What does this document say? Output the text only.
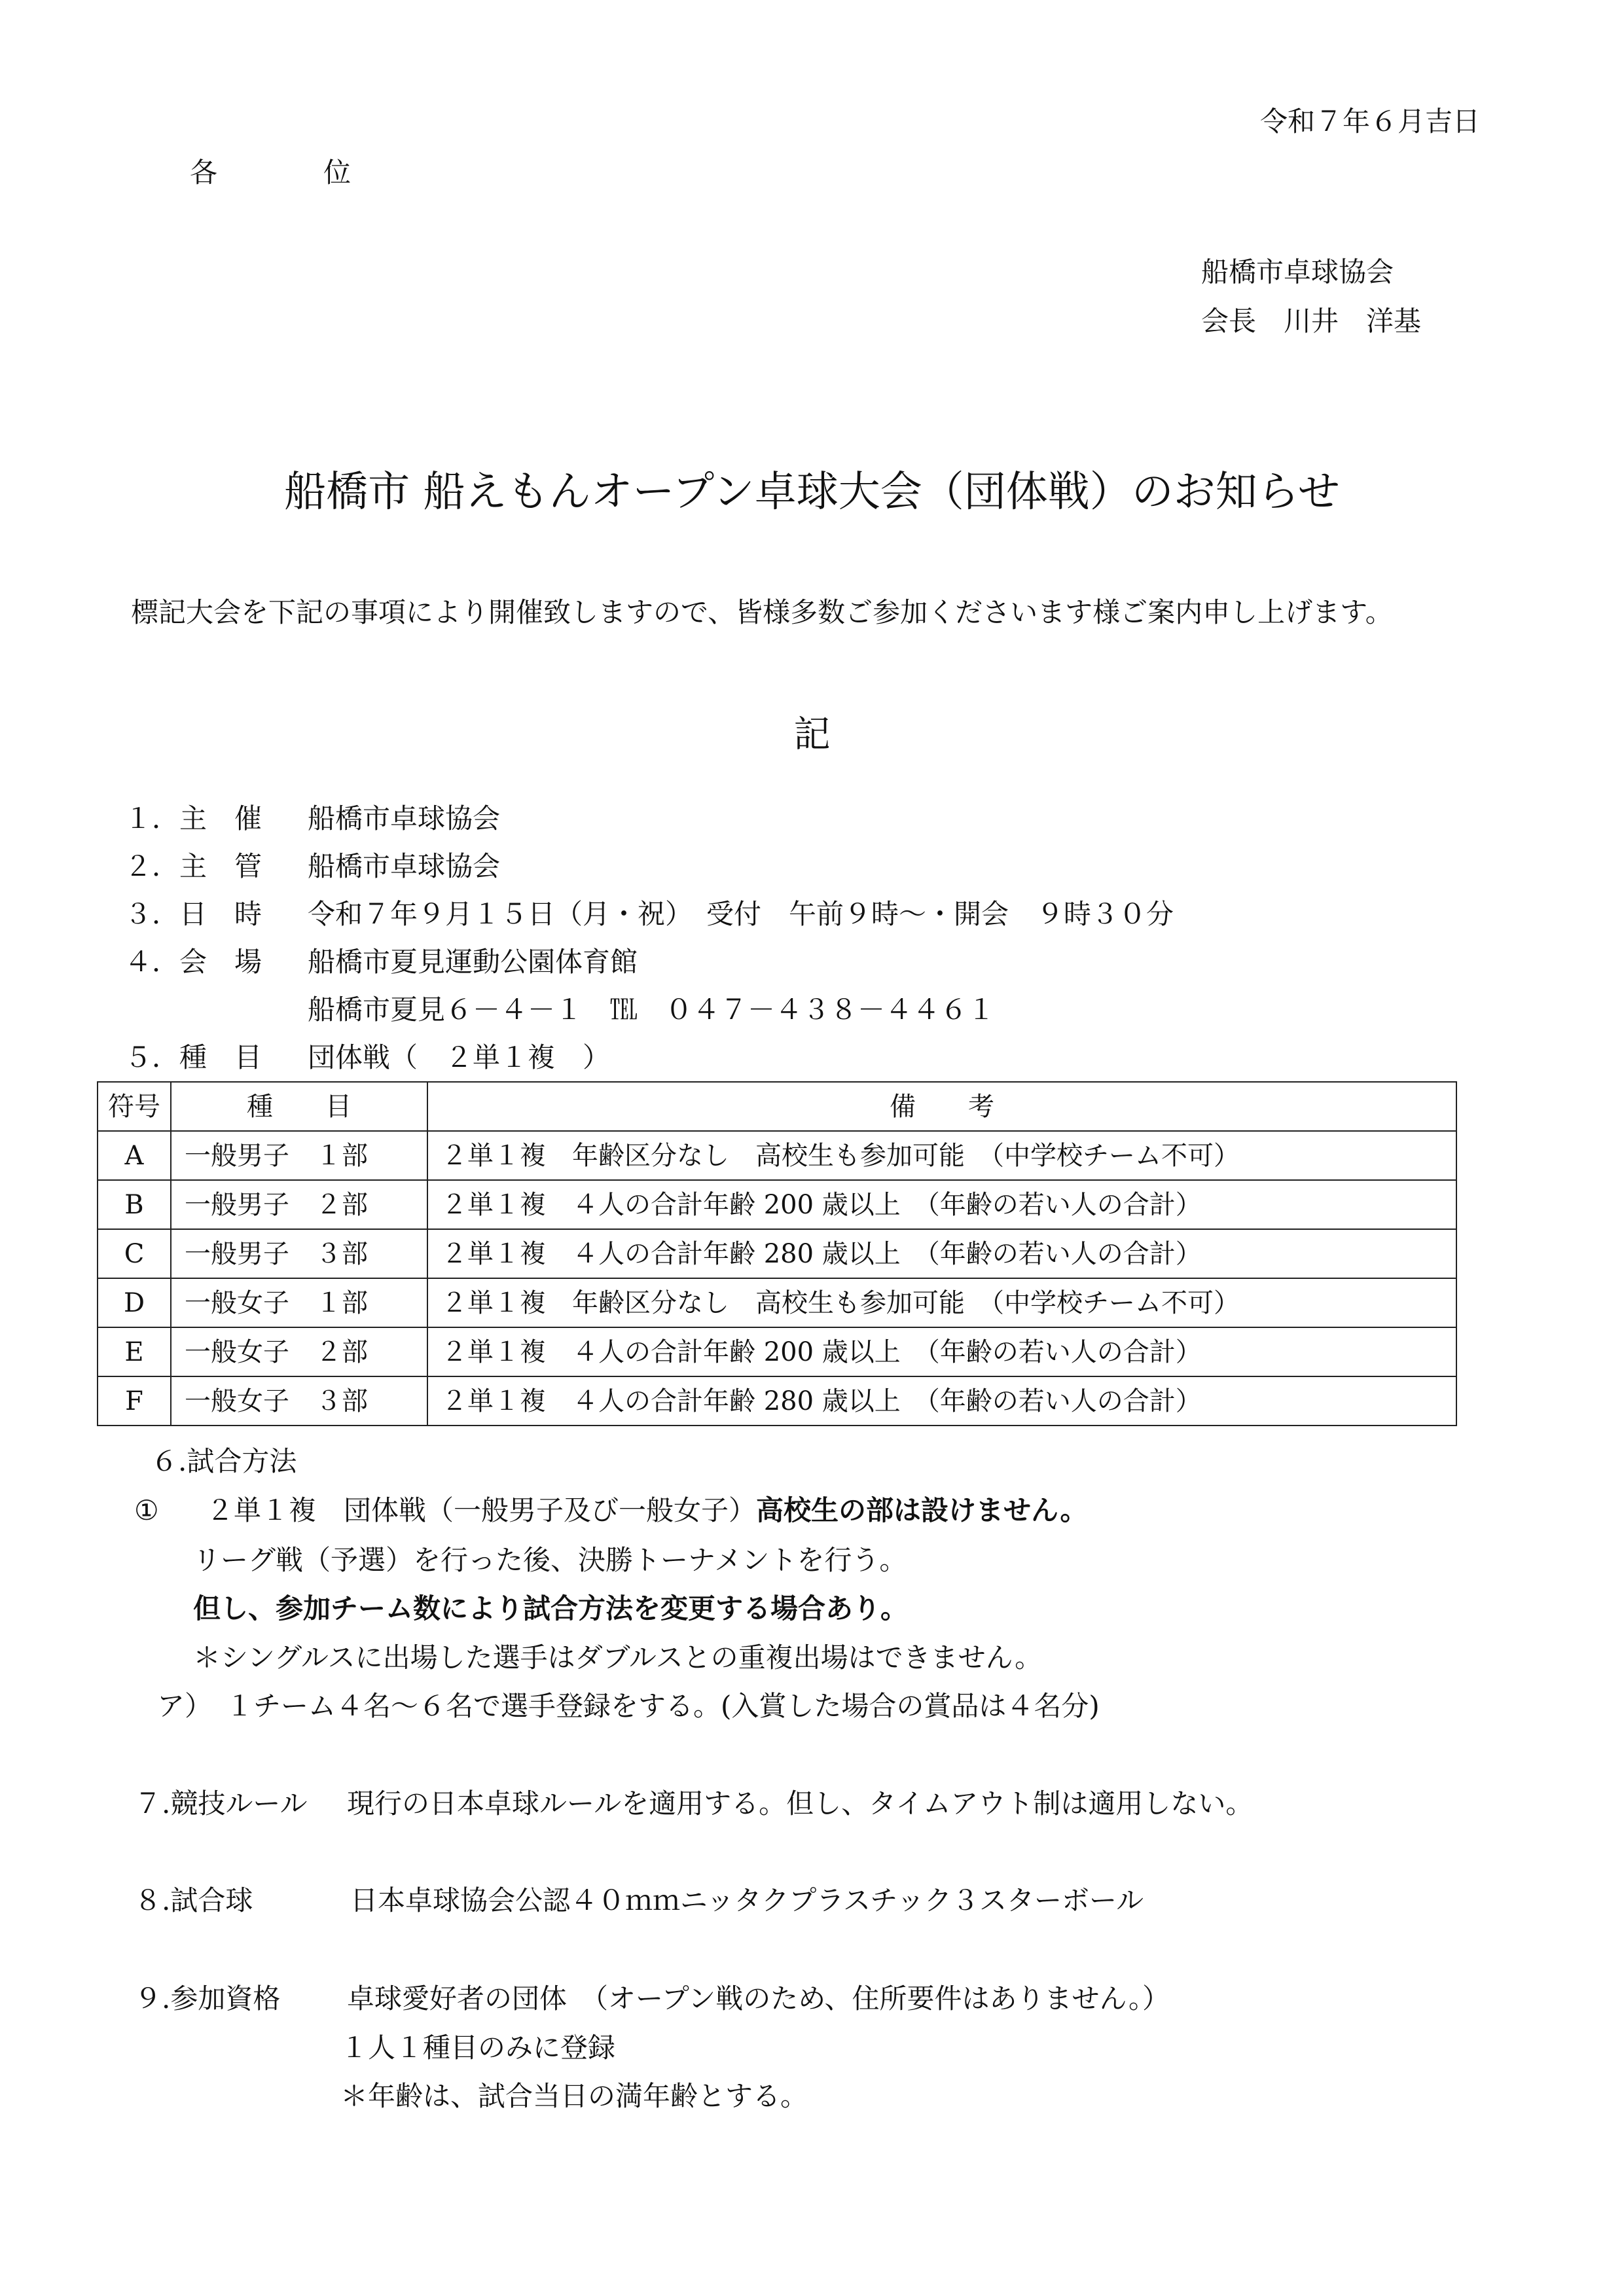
令和７年６月吉日
各　位
船橋市卓球協会
会長　川井　洋基
船橋市 船えもんオープン卓球大会（団体戦）のお知らせ
標記大会を下記の事項により開催致しますので、皆様多数ご参加くださいます様ご案内申し上げます。
記
１．主　催 船橋市卓球協会
２．主　管 船橋市卓球協会
３．日　時 令和７年９月１５日（月・祝）　受付　午前９時～・開会　９時３０分
４．会　場 船橋市夏見運動公園体育館
船橋市夏見６－４－１　℡　０４７－４３８－４４６１
５．種　目 団体戦（　２単１複　）
符号	種　　目	備　　考
A	一般男子　１部	２単１複　年齢区分なし　高校生も参加可能　（中学校チーム不可）
B	一般男子　２部	２単１複　４人の合計年齢 200 歳以上　（年齢の若い人の合計）
C	一般男子　３部	２単１複　４人の合計年齢 280 歳以上　（年齢の若い人の合計）
D	一般女子　１部	２単１複　年齢区分なし　高校生も参加可能　（中学校チーム不可）
E	一般女子　２部	２単１複　４人の合計年齢 200 歳以上　（年齢の若い人の合計）
F	一般女子　３部	２単１複　４人の合計年齢 280 歳以上　（年齢の若い人の合計）
６.試合方法
① ２単１複　団体戦（一般男子及び一般女子）高校生の部は設けません。
リーグ戦（予選）を行った後、決勝トーナメントを行う。
但し、参加チーム数により試合方法を変更する場合あり。
＊シングルスに出場した選手はダブルスとの重複出場はできません。
ア）　１チーム４名～６名で選手登録をする。(入賞した場合の賞品は４名分)
７.競技ルール 現行の日本卓球ルールを適用する。但し、タイムアウト制は適用しない。
８.試合球	日本卓球協会公認４０ｍｍニッタクプラスチック３スターボール
９.参加資格 卓球愛好者の団体　（オープン戦のため、住所要件はありません。）
１人１種目のみに登録
＊年齢は、試合当日の満年齢とする。
